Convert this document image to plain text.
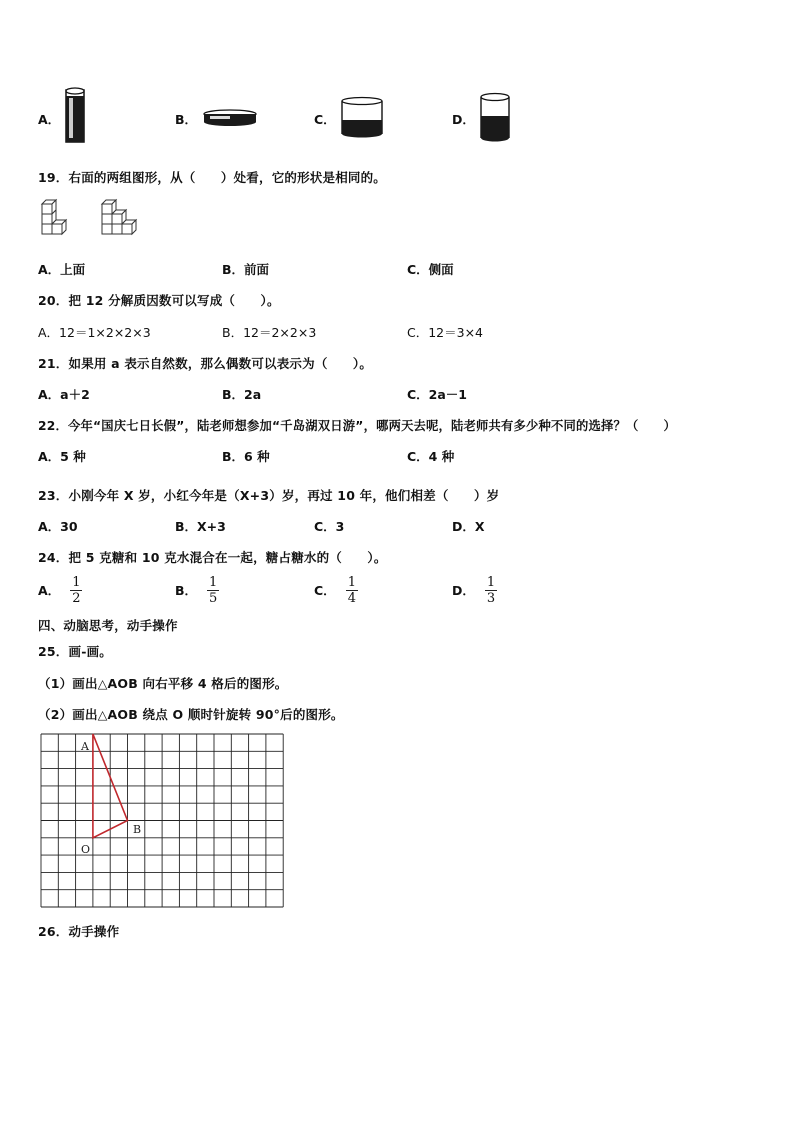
A．	B．	C．	D．
19．右面的两组图形，从（　　）处看，它的形状是相同的。
A．上面	B．前面	C．侧面
20．把 12 分解质因数可以写成（　　）。
A．12＝1×2×2×3	B．12＝2×2×3	C．12＝3×4
21．如果用 a 表示自然数，那么偶数可以表示为（　　）。
A．a＋2	B．2a	C．2a－1
22．今年“国庆七日长假”，陆老师想参加“千岛湖双日游”，哪两天去呢，陆老师共有多少种不同的选择？（　　）
A．5 种	B．6 种	C．4 种
23．小刚今年 X 岁，小红今年是（X+3）岁，再过 10 年，他们相差（　　）岁
A．30	B．X+3	C．3	D．X
24．把 5 克糖和 10 克水混合在一起，糖占糖水的（　　）。
A． $\frac{1}{2}$	B． $\frac{1}{5}$	C． $\frac{1}{4}$	D． $\frac{1}{3}$
四、动脑思考，动手操作
25．画-画。
（1）画出△AOB 向右平移 4 格后的图形。
（2）画出△AOB 绕点 O 顺时针旋转 90°后的图形。
A
O
B
26．动手操作
